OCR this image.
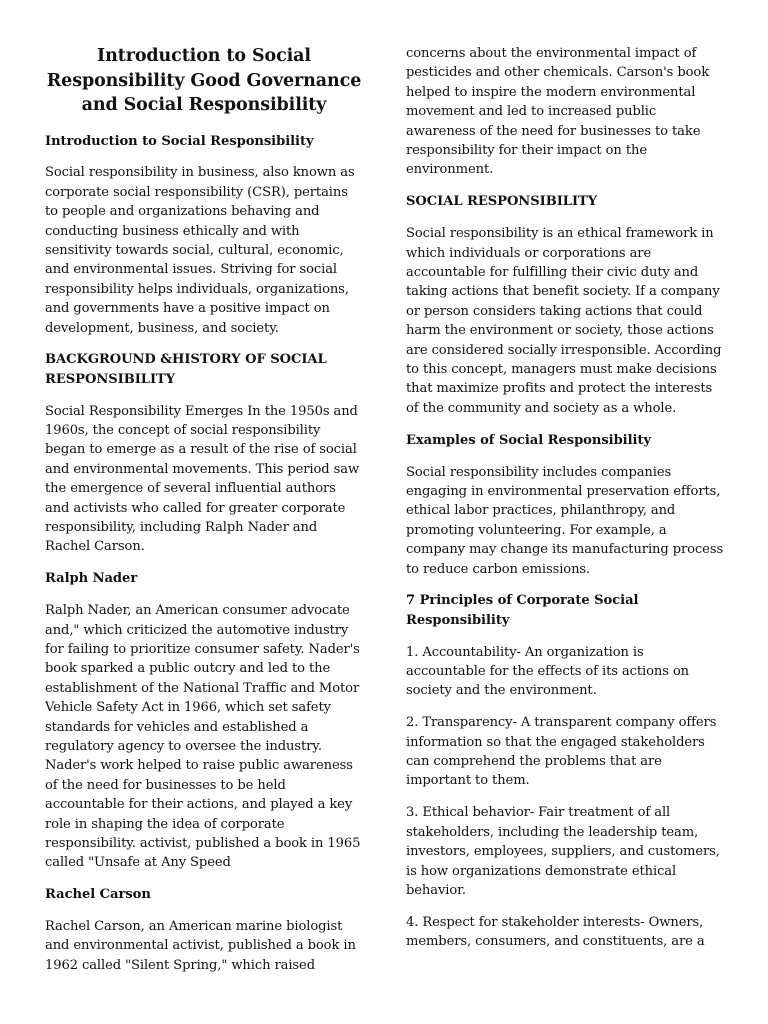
Introduction to Social Responsibility Good Governance and Social Responsibility
Introduction to Social Responsibility

Social responsibility in business, also known as corporate social responsibility (CSR), pertains to people and organizations behaving and conducting business ethically and with sensitivity towards social, cultural, economic, and environmental issues. Striving for social responsibility helps individuals, organizations, and governments have a positive impact on development, business, and society.

BACKGROUND &HISTORY OF SOCIAL RESPONSIBILITY

Social Responsibility Emerges In the 1950s and 1960s, the concept of social responsibility began to emerge as a result of the rise of social and environmental movements. This period saw the emergence of several influential authors and activists who called for greater corporate responsibility, including Ralph Nader and Rachel Carson.

Ralph Nader

Ralph Nader, an American consumer advocate and," which criticized the automotive industry for failing to prioritize consumer safety. Nader's book sparked a public outcry and led to the establishment of the National Traffic and Motor Vehicle Safety Act in 1966, which set safety standards for vehicles and established a regulatory agency to oversee the industry. Nader's work helped to raise public awareness of the need for businesses to be held accountable for their actions, and played a key role in shaping the idea of corporate responsibility. activist, published a book in 1965 called "Unsafe at Any Speed

Rachel Carson

Rachel Carson, an American marine biologist and environmental activist, published a book in 1962 called "Silent Spring," which raised

concerns about the environmental impact of pesticides and other chemicals. Carson's book helped to inspire the modern environmental movement and led to increased public awareness of the need for businesses to take responsibility for their impact on the environment.

SOCIAL RESPONSIBILITY

Social responsibility is an ethical framework in which individuals or corporations are accountable for fulfilling their civic duty and taking actions that benefit society. If a company or person considers taking actions that could harm the environment or society, those actions are considered socially irresponsible. According to this concept, managers must make decisions that maximize profits and protect the interests of the community and society as a whole.

Examples of Social Responsibility

Social responsibility includes companies engaging in environmental preservation efforts, ethical labor practices, philanthropy, and promoting volunteering. For example, a company may change its manufacturing process to reduce carbon emissions.

7 Principles of Corporate Social Responsibility

1. Accountability- An organization is accountable for the effects of its actions on society and the environment.

2. Transparency- A transparent company offers information so that the engaged stakeholders can comprehend the problems that are important to them.

3. Ethical behavior- Fair treatment of all stakeholders, including the leadership team, investors, employees, suppliers, and customers, is how organizations demonstrate ethical behavior.

4. Respect for stakeholder interests- Owners, members, consumers, and constituents, are a
